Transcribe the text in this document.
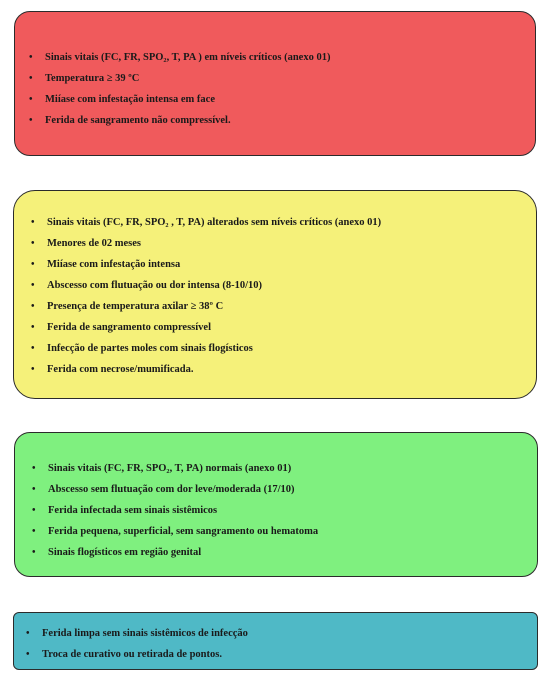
• Sinais vitais (FC, FR, SPO₂, T, PA ) em níveis críticos (anexo 01)
• Temperatura ≥ 39 ºC
• Miíase com infestação intensa em face
• Ferida de sangramento não compressível.
• Sinais vitais (FC, FR, SPO₂ , T, PA) alterados sem níveis críticos (anexo 01)
• Menores de 02 meses
• Miíase com infestação intensa
• Abscesso com flutuação ou dor intensa (8-10/10)
• Presença de temperatura axilar ≥ 38º C
• Ferida de sangramento compressível
• Infecção de partes moles com sinais flogísticos
• Ferida com necrose/mumificada.
• Sinais vitais (FC, FR, SPO₂, T, PA) normais (anexo 01)
• Abscesso sem flutuação com dor leve/moderada (17/10)
• Ferida infectada sem sinais sistêmicos
• Ferida pequena, superficial, sem sangramento ou hematoma
• Sinais flogísticos em região genital
• Ferida limpa sem sinais sistêmicos de infecção
• Troca de curativo ou retirada de pontos.
